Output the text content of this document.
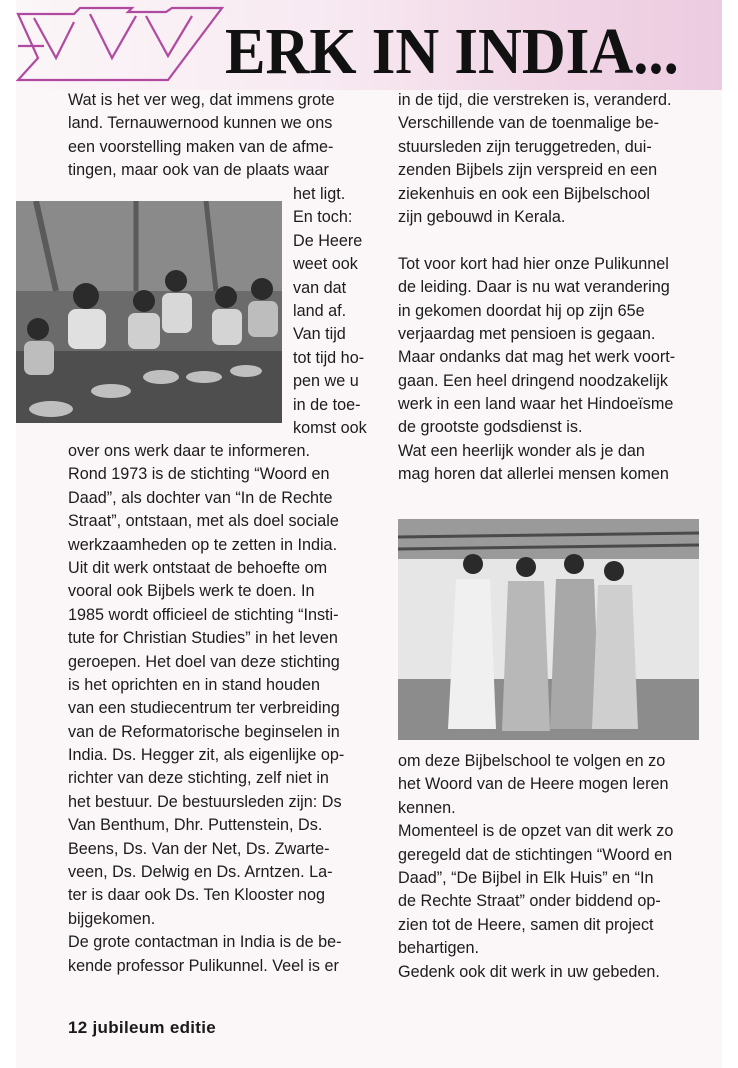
ERK IN INDIA...
Wat is het ver weg, dat immens grote
land. Ternauwernood kunnen we ons
een voorstelling maken van de afme-
tingen, maar ook van de plaats waar
het ligt.
En toch:
De Heere
weet ook
van dat
land af.
Van tijd
tot tijd ho-
pen we u
in de toe-
komst ook
over ons werk daar te informeren.
Rond 1973 is de stichting “Woord en
Daad”, als dochter van “In de Rechte
Straat”, ontstaan, met als doel sociale
werkzaamheden op te zetten in India.
Uit dit werk ontstaat de behoefte om
vooral ook Bijbels werk te doen. In
1985 wordt officieel de stichting “Insti-
tute for Christian Studies” in het leven
geroepen. Het doel van deze stichting
is het oprichten en in stand houden
van een studiecentrum ter verbreiding
van de Reformatorische beginselen in
India. Ds. Hegger zit, als eigenlijke op-
richter van deze stichting, zelf niet in
het bestuur. De bestuursleden zijn: Ds
Van Benthum, Dhr. Puttenstein, Ds.
Beens, Ds. Van der Net, Ds. Zwarte-
veen, Ds. Delwig en Ds. Arntzen. La-
ter is daar ook Ds. Ten Klooster nog
bijgekomen.
De grote contactman in India is de be-
kende professor Pulikunnel. Veel is er
in de tijd, die verstreken is, veranderd.
Verschillende van de toenmalige be-
stuursleden zijn teruggetreden, dui-
zenden Bijbels zijn verspreid en een
ziekenhuis en ook een Bijbelschool
zijn gebouwd in Kerala.
Tot voor kort had hier onze Pulikunnel
de leiding. Daar is nu wat verandering
in gekomen doordat hij op zijn 65e
verjaardag met pensioen is gegaan.
Maar ondanks dat mag het werk voort-
gaan. Een heel dringend noodzakelijk
werk in een land waar het Hindoeïsme
de grootste godsdienst is.
Wat een heerlijk wonder als je dan
mag horen dat allerlei mensen komen
om deze Bijbelschool te volgen en zo
het Woord van de Heere mogen leren
kennen.
Momenteel is de opzet van dit werk zo
geregeld dat de stichtingen “Woord en
Daad”, “De Bijbel in Elk Huis” en “In
de Rechte Straat” onder biddend op-
zien tot de Heere, samen dit project
behartigen.
Gedenk ook dit werk in uw gebeden.

12 jubileum editie
